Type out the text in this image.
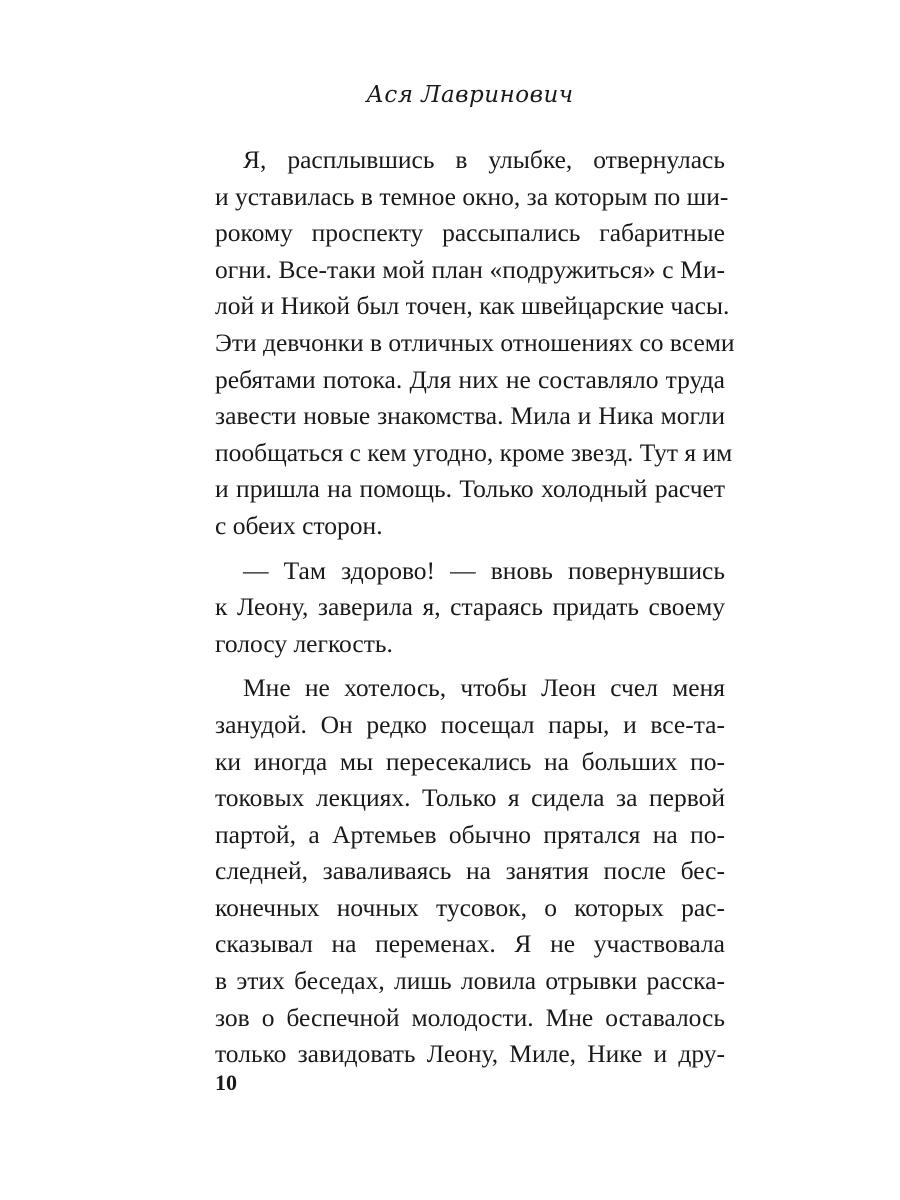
Ася Лавринович
Я, расплывшись в улыбке, отвернулась
и уставилась в темное окно, за которым по ши-
рокому проспекту рассыпались габаритные
огни. Все-таки мой план «подружиться» с Ми-
лой и Никой был точен, как швейцарские часы.
Эти девчонки в отличных отношениях со всеми
ребятами потока. Для них не составляло труда
завести новые знакомства. Мила и Ника могли
пообщаться с кем угодно, кроме звезд. Тут я им
и пришла на помощь. Только холодный расчет
с обеих сторон.
— Там здорово! — вновь повернувшись
к Леону, заверила я, стараясь придать своему
голосу легкость.
Мне не хотелось, чтобы Леон счел меня
занудой. Он редко посещал пары, и все-та-
ки иногда мы пересекались на больших по-
токовых лекциях. Только я сидела за первой
партой, а Артемьев обычно прятался на по-
следней, заваливаясь на занятия после бес-
конечных ночных тусовок, о которых рас-
сказывал на переменах. Я не участвовала
в этих беседах, лишь ловила отрывки расска-
зов о беспечной молодости. Мне оставалось
только завидовать Леону, Миле, Нике и дру-
10
